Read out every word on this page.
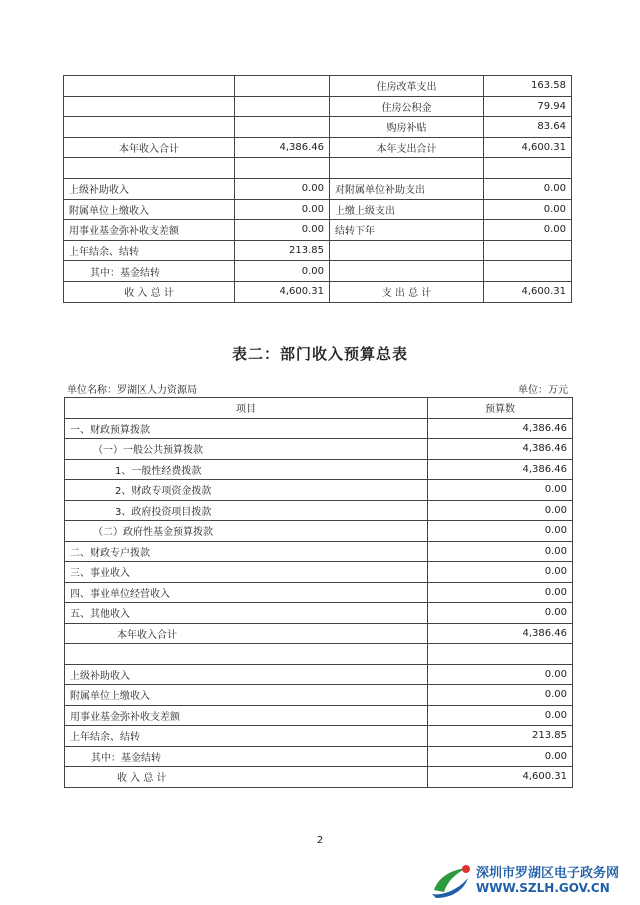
		住房改革支出	163.58
		住房公积金	79.94
		购房补贴	83.64
本年收入合计	4,386.46	本年支出合计	4,600.31

上级补助收入	0.00	对附属单位补助支出	0.00
附属单位上缴收入	0.00	上缴上级支出	0.00
用事业基金弥补收支差额	0.00	结转下年	0.00
上年结余、结转	213.85		
其中：基金结转	0.00		
收 入 总 计	4,600.31	支 出 总 计	4,600.31
表二：部门收入预算总表
单位名称：罗湖区人力资源局	单位：万元
项目	预算数
一、财政预算拨款	4,386.46
（一）一般公共预算拨款	4,386.46
1、一般性经费拨款	4,386.46
2、财政专项资金拨款	0.00
3、政府投资项目拨款	0.00
（二）政府性基金预算拨款	0.00
二、财政专户拨款	0.00
三、事业收入	0.00
四、事业单位经营收入	0.00
五、其他收入	0.00
本年收入合计	4,386.46

上级补助收入	0.00
附属单位上缴收入	0.00
用事业基金弥补收支差额	0.00
上年结余、结转	213.85
其中：基金结转	0.00
收 入 总 计	4,600.31
2
深圳市罗湖区电子政务网
WWW.SZLH.GOV.CN
